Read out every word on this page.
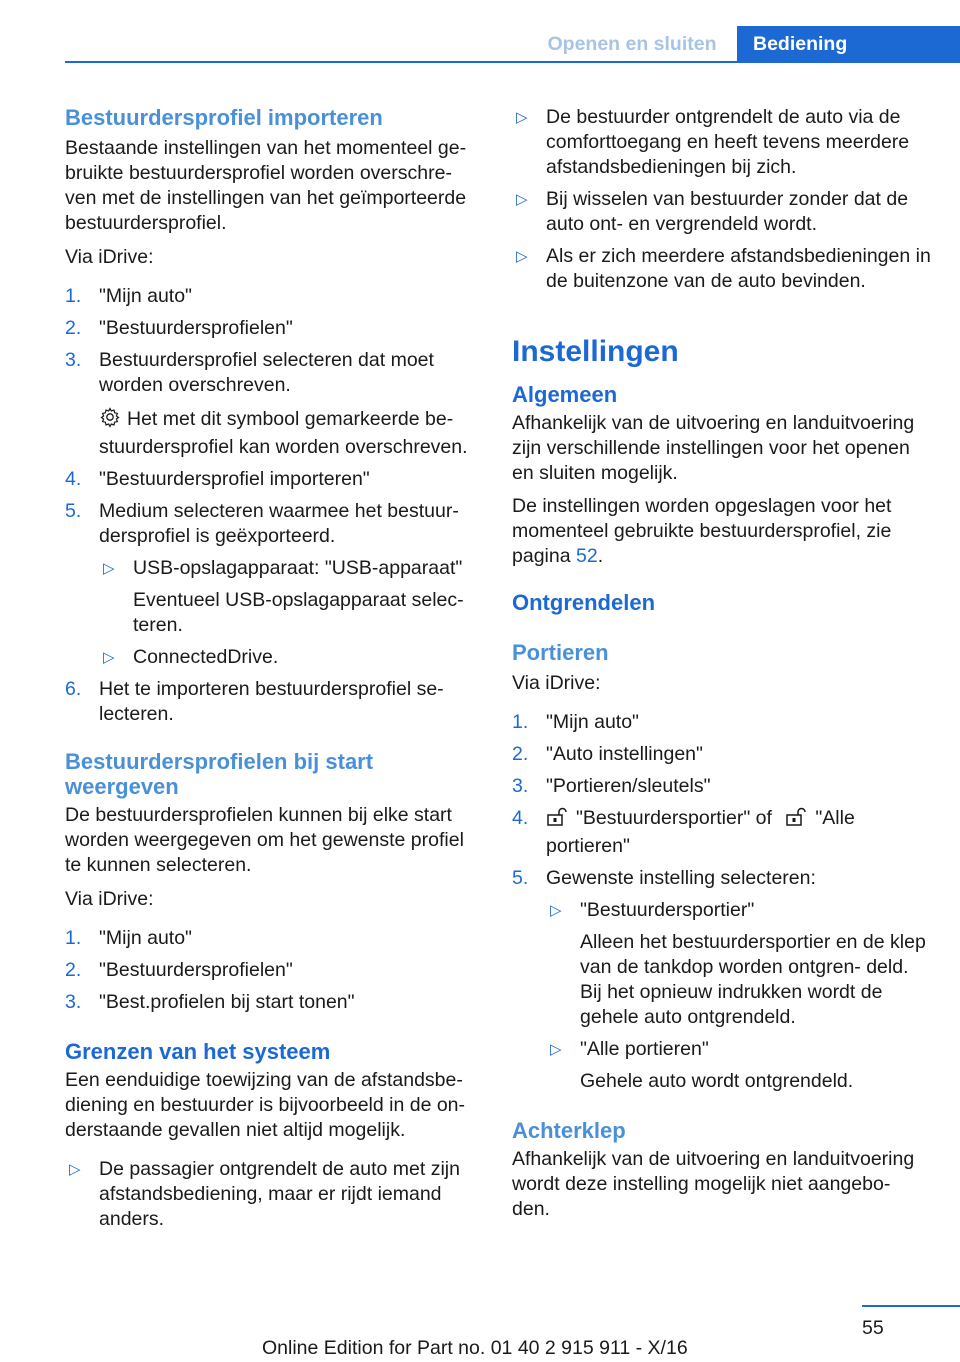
Openen en sluiten	Bediening
Bestuurdersprofiel importeren

Bestaande instellingen van het momenteel ge- bruikte bestuurdersprofiel worden overschre- ven met de instellingen van het geïmporteerde bestuurdersprofiel.

Via iDrive:

1. "Mijn auto"
2. "Bestuurdersprofielen"
3. Bestuurdersprofiel selecteren dat moet worden overschreven.
Het met dit symbool gemarkeerde be- stuurdersprofiel kan worden overschreven.
4. "Bestuurdersprofiel importeren"
5. Medium selecteren waarmee het bestuur- dersprofiel is geëxporteerd.
▷ USB-opslagapparaat: "USB-apparaat"
Eventueel USB-opslagapparaat selec- teren.
▷ ConnectedDrive.
6. Het te importeren bestuurdersprofiel se- lecteren.
Bestuurdersprofielen bij start weergeven

De bestuurdersprofielen kunnen bij elke start worden weergegeven om het gewenste profiel te kunnen selecteren.

Via iDrive:

1. "Mijn auto"
2. "Bestuurdersprofielen"
3. "Best.profielen bij start tonen"
Grenzen van het systeem

Een eenduidige toewijzing van de afstandsbe- diening en bestuurder is bijvoorbeeld in de on- derstaande gevallen niet altijd mogelijk.

▷ De passagier ontgrendelt de auto met zijn afstandsbediening, maar er rijdt iemand anders.
▷ De bestuurder ontgrendelt de auto via de comforttoegang en heeft tevens meerdere afstandsbedieningen bij zich.
▷ Bij wisselen van bestuurder zonder dat de auto ont- en vergrendeld wordt.
▷ Als er zich meerdere afstandsbedieningen in de buitenzone van de auto bevinden.
Instellingen
Algemeen

Afhankelijk van de uitvoering en landuitvoering zijn verschillende instellingen voor het openen en sluiten mogelijk.

De instellingen worden opgeslagen voor het momenteel gebruikte bestuurdersprofiel, zie pagina 52.

Ontgrendelen
Portieren

Via iDrive:

1. "Mijn auto"
2. "Auto instellingen"
3. "Portieren/sleutels"
4. "Bestuurdersportier" of "Alle portieren"
5. Gewenste instelling selecteren:
▷ "Bestuurdersportier"
Alleen het bestuurdersportier en de klep van de tankdop worden ontgren- deld. Bij het opnieuw indrukken wordt de gehele auto ontgrendeld.
▷ "Alle portieren"
Gehele auto wordt ontgrendeld.
Achterklep

Afhankelijk van de uitvoering en landuitvoering wordt deze instelling mogelijk niet aangebo- den.

55
Online Edition for Part no. 01 40 2 915 911 - X/16
